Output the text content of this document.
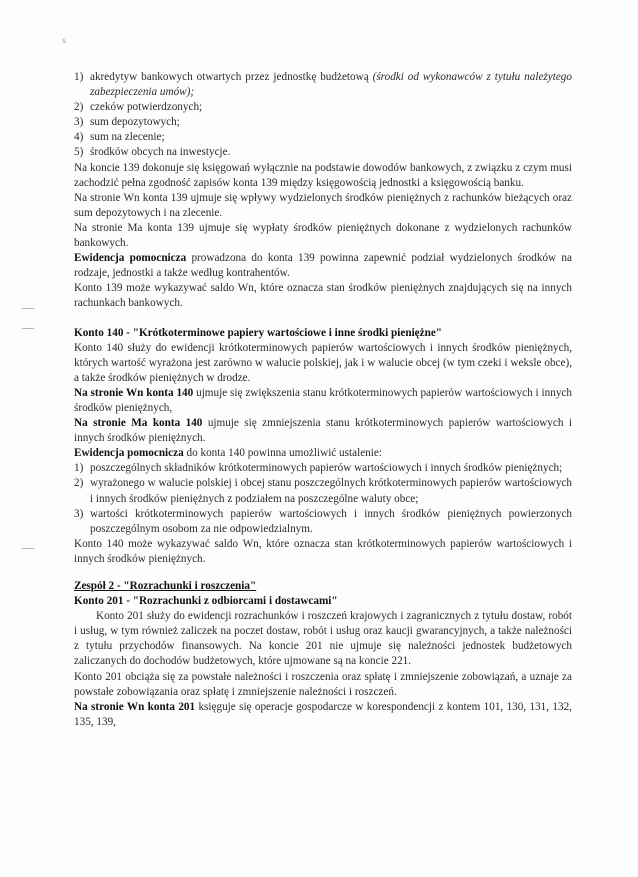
s
1) akredytyw bankowych otwartych przez jednostkę budżetową (środki od wykonawców z tytułu należytego zabezpieczenia umów);
2) czeków potwierdzonych;
3) sum depozytowych;
4) sum na zlecenie;
5) środków obcych na inwestycje.

Na koncie 139 dokonuje się księgowań wyłącznie na podstawie dowodów bankowych, z związku z czym musi zachodzić pełna zgodność zapisów konta 139 między księgowością jednostki a księgowością banku.

Na stronie Wn konta 139 ujmuje się wpływy wydzielonych środków pieniężnych z rachunków bieżących oraz sum depozytowych i na zlecenie.

Na stronie Ma konta 139 ujmuje się wypłaty środków pieniężnych dokonane z wydzielonych rachunków bankowych.

Ewidencja pomocnicza prowadzona do konta 139 powinna zapewnić podział wydzielonych środków na rodzaje, jednostki a także według kontrahentów.

Konto 139 może wykazywać saldo Wn, które oznacza stan środków pieniężnych znajdujących się na innych rachunkach bankowych.

Konto 140 - "Krótkoterminowe papiery wartościowe i inne środki pieniężne"

Konto 140 służy do ewidencji krótkoterminowych papierów wartościowych i innych środków pieniężnych, których wartość wyrażona jest zarówno w walucie polskiej, jak i w walucie obcej (w tym czeki i weksle obce), a także środków pieniężnych w drodze.

Na stronie Wn konta 140 ujmuje się zwiększenia stanu krótkoterminowych papierów wartościowych i innych środków pieniężnych,

Na stronie Ma konta 140 ujmuje się zmniejszenia stanu krótkoterminowych papierów wartościowych i innych środków pieniężnych.

Ewidencja pomocnicza do konta 140 powinna umożliwić ustalenie:

1) poszczególnych składników krótkoterminowych papierów wartościowych i innych środków pieniężnych;
2) wyrażonego w walucie polskiej i obcej stanu poszczególnych krótkoterminowych papierów wartościowych i innych środków pieniężnych z podziałem na poszczególne waluty obce;
3) wartości krótkoterminowych papierów wartościowych i innych środków pieniężnych powierzonych poszczególnym osobom za nie odpowiedzialnym.

Konto 140 może wykazywać saldo Wn, które oznacza stan krótkoterminowych papierów wartościowych i innych środków pieniężnych.

Zespół 2 - "Rozrachunki i roszczenia"

Konto 201 - "Rozrachunki z odbiorcami i dostawcami"

Konto 201 służy do ewidencji rozrachunków i roszczeń krajowych i zagranicznych z tytułu dostaw, robót i usług, w tym również zaliczek na poczet dostaw, robót i usług oraz kaucji gwarancyjnych, a także należności z tytułu przychodów finansowych. Na koncie 201 nie ujmuje się należności jednostek budżetowych zaliczanych do dochodów budżetowych, które ujmowane są na koncie 221.

Konto 201 obciąża się za powstałe należności i roszczenia oraz spłatę i zmniejszenie zobowiązań, a uznaje za powstałe zobowiązania oraz spłatę i zmniejszenie należności i roszczeń.

Na stronie Wn konta 201 księguje się operacje gospodarcze w korespondencji z kontem 101, 130, 131, 132, 135, 139,
